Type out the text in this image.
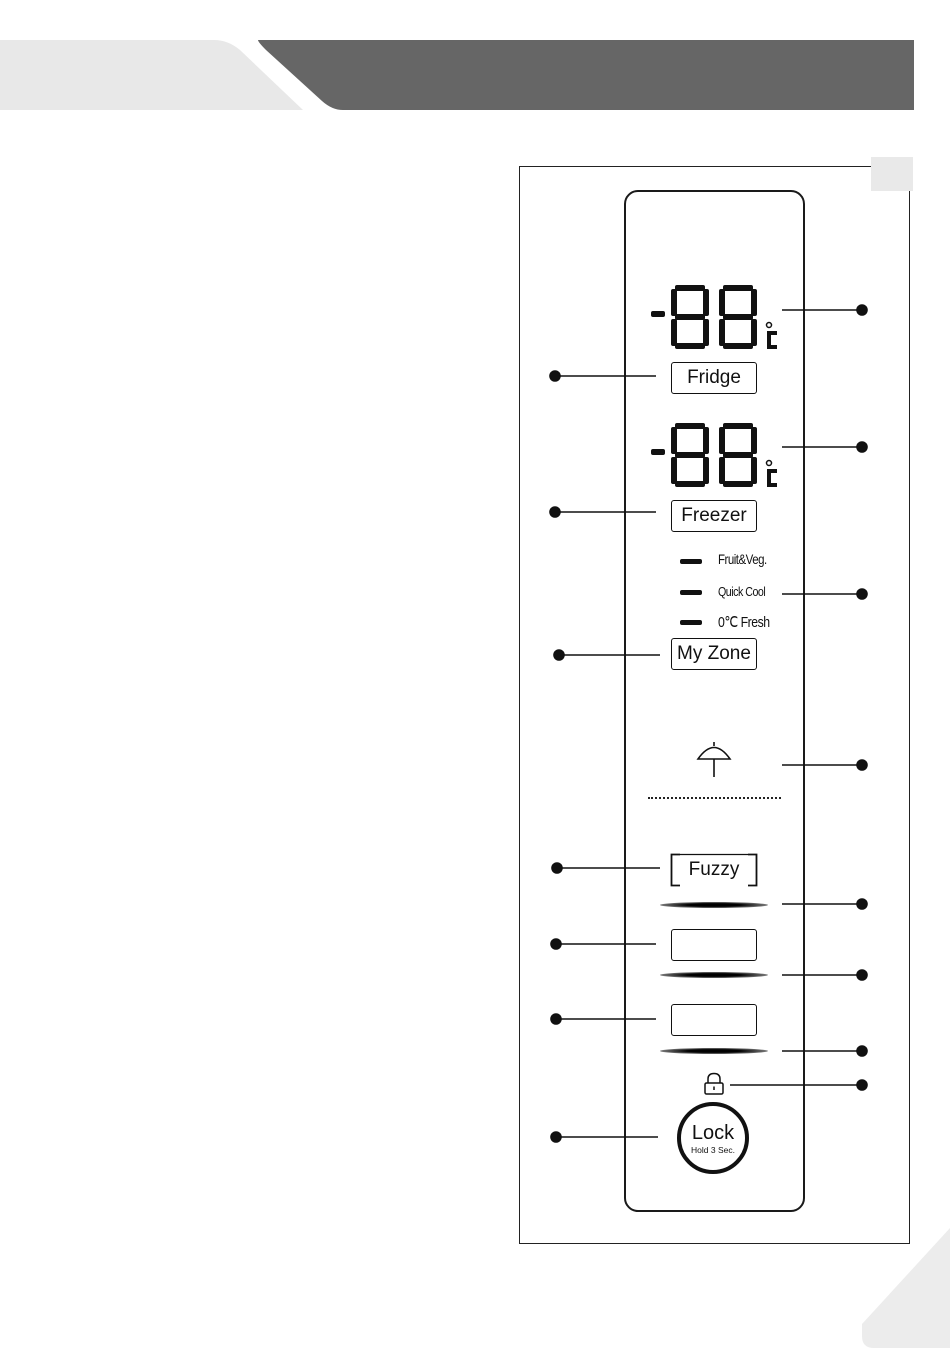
Fridge
Freezer
Fruit&Veg.
Quick Cool
0℃ Fresh
My Zone
Fuzzy
Lock
Hold 3 Sec.
